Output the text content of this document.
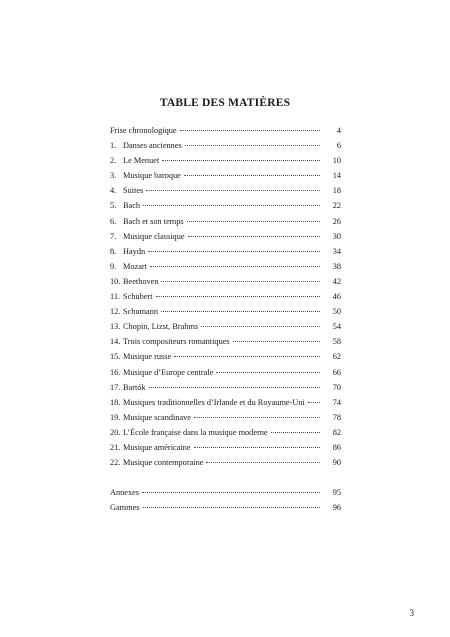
TABLE DES MATIÈRES
Frise chronologique	4
1. Danses anciennes	6
2. Le Menuet	10
3. Musique baroque	14
4. Suites	18
5. Bach	22
6. Bach et son temps	26
7. Musique classique	30
8. Haydn	34
9. Mozart	38
10. Beethoven	42
11. Schubert	46
12. Schumann	50
13. Chopin, Lizst, Brahms	54
14. Trois compositeurs romantiques	58
15. Musique russe	62
16. Musique d’Europe centrale	66
17. Bartók	70
18. Musiques traditionnelles d’Irlande et du Royaume-Uni	74
19. Musique scandinave	78
20. L’École française dans la musique moderne	82
21. Musique américaine	86
22. Musique contemporaine	90
Annexes	95
Gammes	96
3
